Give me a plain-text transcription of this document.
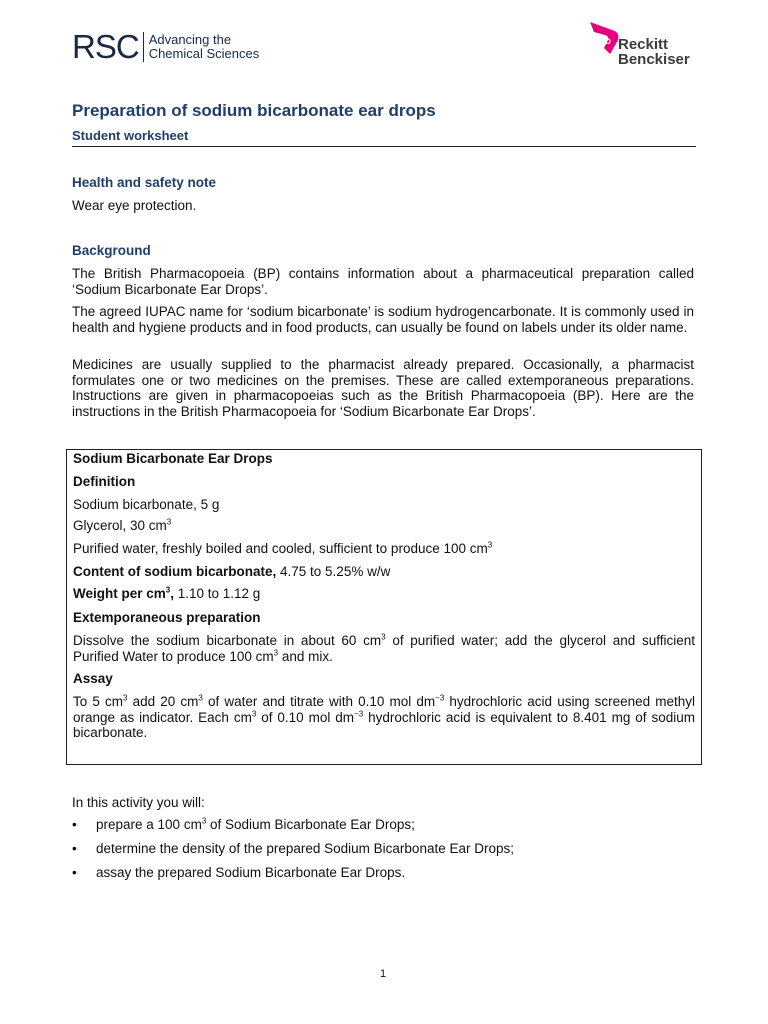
RSC Advancing the
Chemical Sciences
rb Reckitt
Benckiser
Preparation of sodium bicarbonate ear drops
Student worksheet
Health and safety note
Wear eye protection.
Background
The British Pharmacopoeia (BP) contains information about a pharmaceutical preparation called ‘Sodium Bicarbonate Ear Drops’.
The agreed IUPAC name for ‘sodium bicarbonate’ is sodium hydrogencarbonate. It is commonly used in health and hygiene products and in food products, can usually be found on labels under its older name.
Medicines are usually supplied to the pharmacist already prepared. Occasionally, a pharmacist formulates one or two medicines on the premises. These are called extemporaneous preparations. Instructions are given in pharmacopoeias such as the British Pharmacopoeia (BP). Here are the instructions in the British Pharmacopoeia for ‘Sodium Bicarbonate Ear Drops’.
Sodium Bicarbonate Ear Drops
Definition
Sodium bicarbonate, 5 g
Glycerol, 30 $cm^3$
Purified water, freshly boiled and cooled, sufficient to produce 100 $cm^3$
Content of sodium bicarbonate, 4.75 to 5.25% w/w
Weight per $cm^3$, 1.10 to 1.12 g
Extemporaneous preparation
Dissolve the sodium bicarbonate in about 60 $cm^3$ of purified water; add the glycerol and sufficient Purified Water to produce 100 $cm^3$ and mix.
Assay
To 5 $cm^3$ add 20 $cm^3$ of water and titrate with 0.10 mol $dm^{-3}$ hydrochloric acid using screened methyl orange as indicator. Each $cm^3$ of 0.10 mol $dm^{-3}$ hydrochloric acid is equivalent to 8.401 mg of sodium bicarbonate.
In this activity you will:
• prepare a 100 $cm^3$ of Sodium Bicarbonate Ear Drops;
• determine the density of the prepared Sodium Bicarbonate Ear Drops;
• assay the prepared Sodium Bicarbonate Ear Drops.
1
